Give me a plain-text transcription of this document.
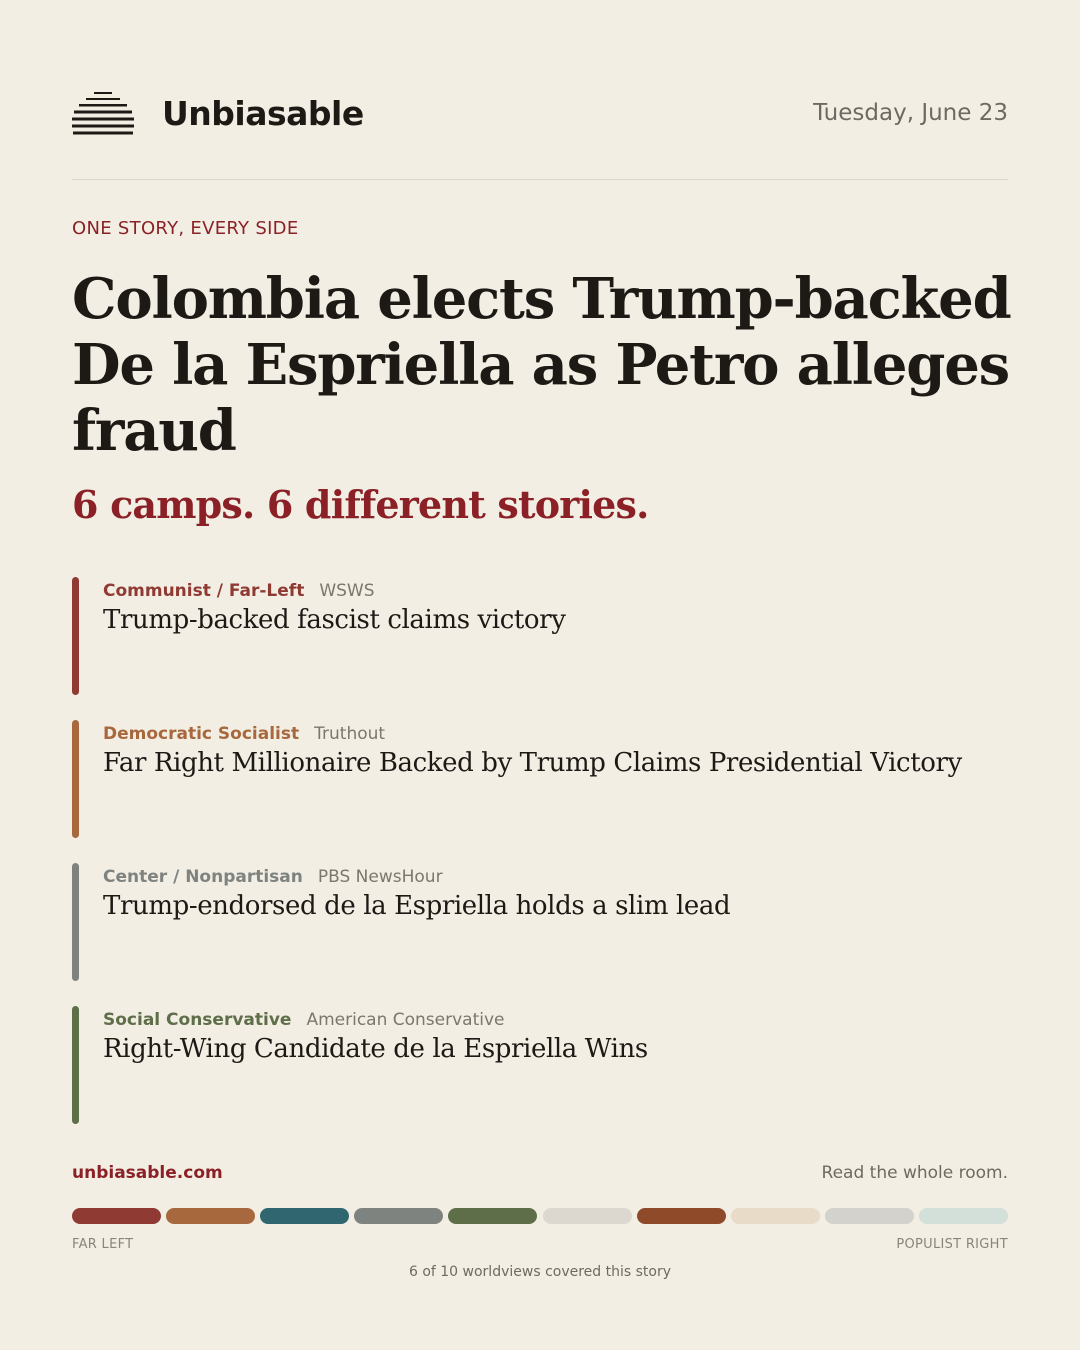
Unbiasable	Tuesday, June 23
ONE STORY, EVERY SIDE
Colombia elects Trump-backed De la Espriella as Petro alleges fraud
6 camps. 6 different stories.
Communist / Far-Left WSWS
Trump-backed fascist claims victory
Democratic Socialist Truthout
Far Right Millionaire Backed by Trump Claims Presidential Victory
Center / Nonpartisan PBS NewsHour
Trump-endorsed de la Espriella holds a slim lead
Social Conservative American Conservative
Right-Wing Candidate de la Espriella Wins
unbiasable.com	Read the whole room.
FAR LEFT	POPULIST RIGHT
6 of 10 worldviews covered this story
